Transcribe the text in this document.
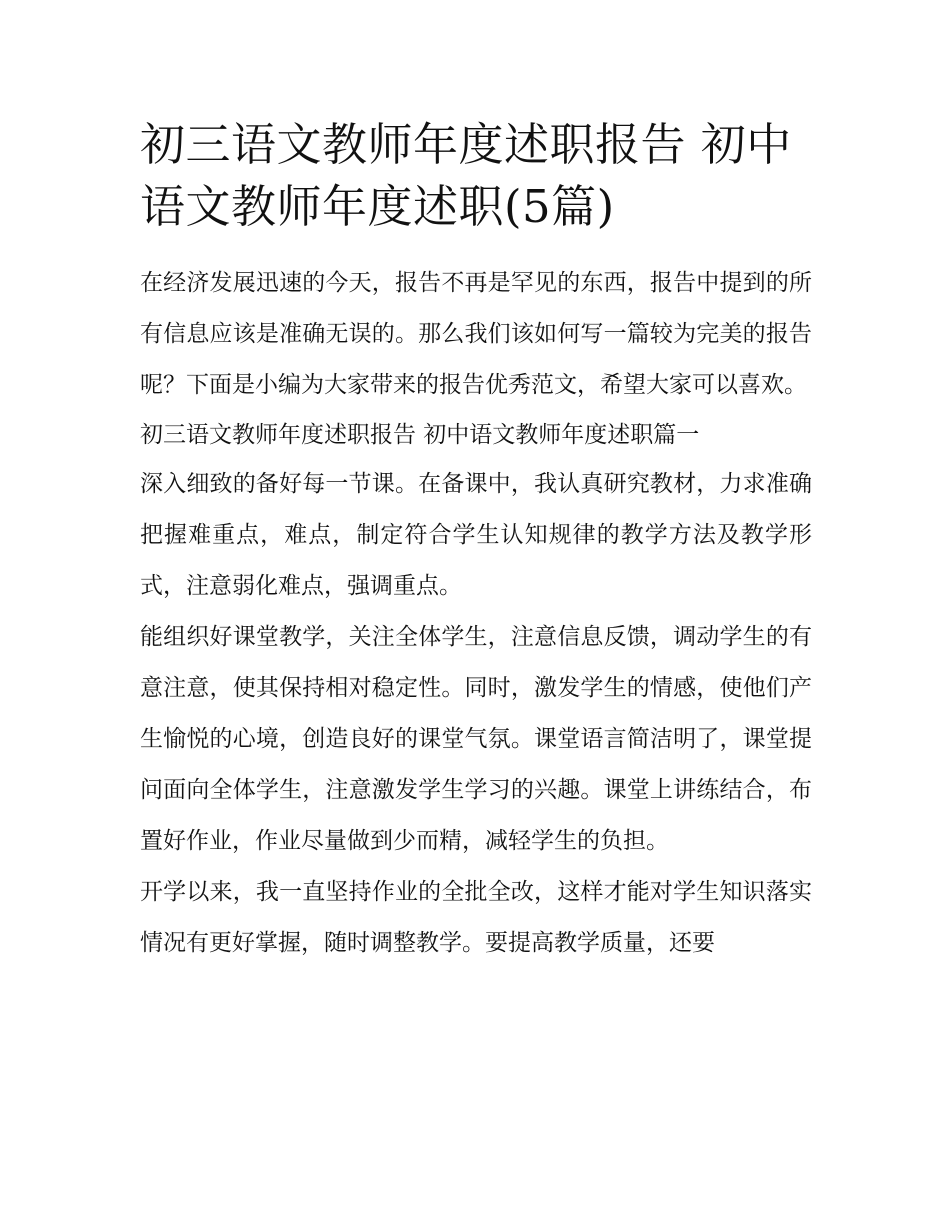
初三语文教师年度述职报告 初中语文教师年度述职(5篇)

在经济发展迅速的今天，报告不再是罕见的东西，报告中提到的所有信息应该是准确无误的。那么我们该如何写一篇较为完美的报告呢？下面是小编为大家带来的报告优秀范文，希望大家可以喜欢。

初三语文教师年度述职报告 初中语文教师年度述职篇一

深入细致的备好每一节课。在备课中，我认真研究教材，力求准确把握难重点，难点，制定符合学生认知规律的教学方法及教学形式，注意弱化难点，强调重点。

能组织好课堂教学，关注全体学生，注意信息反馈，调动学生的有意注意，使其保持相对稳定性。同时，激发学生的情感，使他们产生愉悦的心境，创造良好的课堂气氛。课堂语言简洁明了，课堂提问面向全体学生，注意激发学生学习的兴趣。课堂上讲练结合，布置好作业，作业尽量做到少而精，减轻学生的负担。

开学以来，我一直坚持作业的全批全改，这样才能对学生知识落实情况有更好掌握，随时调整教学。要提高教学质量，还要
